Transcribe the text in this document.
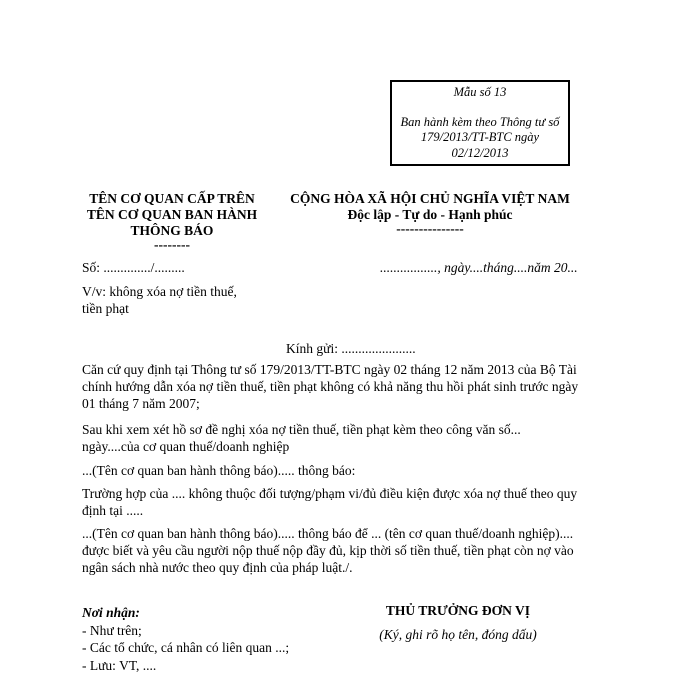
Mẫu số 13
Ban hành kèm theo Thông tư số
179/2013/TT-BTC ngày
02/12/2013
TÊN CƠ QUAN CẤP TRÊN
TÊN CƠ QUAN BAN HÀNH
THÔNG BÁO
--------
CỘNG HÒA XÃ HỘI CHỦ NGHĨA VIỆT NAM
Độc lập - Tự do - Hạnh phúc
---------------
Số: ............../.........	................., ngày....tháng....năm 20...
V/v: không xóa nợ tiền thuế,
tiền phạt
Kính gửi: ......................
Căn cứ quy định tại Thông tư số 179/2013/TT-BTC ngày 02 tháng 12 năm 2013 của Bộ Tài
chính hướng dẫn xóa nợ tiền thuế, tiền phạt không có khả năng thu hồi phát sinh trước ngày
01 tháng 7 năm 2007;
Sau khi xem xét hồ sơ đề nghị xóa nợ tiền thuế, tiền phạt kèm theo công văn số...
ngày....của cơ quan thuế/doanh nghiệp
...(Tên cơ quan ban hành thông báo)..... thông báo:
Trường hợp của .... không thuộc đối tượng/phạm vi/đủ điều kiện được xóa nợ thuế theo quy
định tại .....
...(Tên cơ quan ban hành thông báo)..... thông báo để ... (tên cơ quan thuế/doanh nghiệp)....
được biết và yêu cầu người nộp thuế nộp đầy đủ, kịp thời số tiền thuế, tiền phạt còn nợ vào
ngân sách nhà nước theo quy định của pháp luật./.
Nơi nhận:
- Như trên;
- Các tổ chức, cá nhân có liên quan ...;
- Lưu: VT, ....
THỦ TRƯỞNG ĐƠN VỊ
(Ký, ghi rõ họ tên, đóng dấu)
